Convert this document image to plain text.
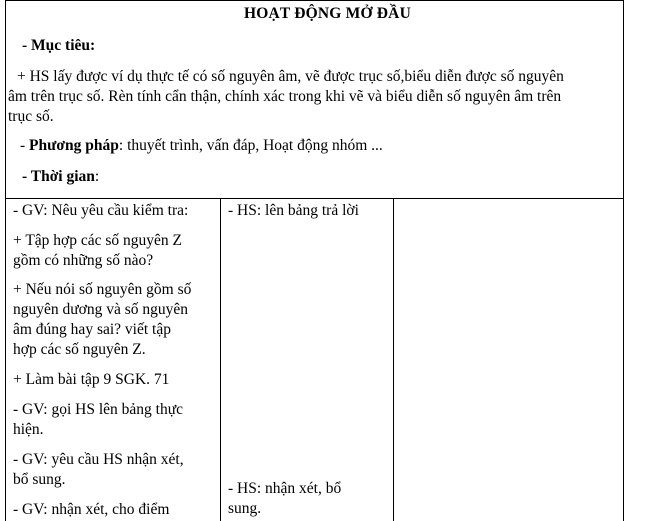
HOẠT ĐỘNG MỞ ĐẦU
- Mục tiêu:
+ HS lấy được ví dụ thực tế có số nguyên âm, vẽ được trục số,biểu diễn được số nguyên
âm trên trục số. Rèn tính cẩn thận, chính xác trong khi vẽ và biểu diễn số nguyên âm trên
trục số.
- Phương pháp: thuyết trình, vấn đáp, Hoạt động nhóm ...
- Thời gian:
- GV: Nêu yêu cầu kiểm tra:
+ Tập hợp các số nguyên Z
gồm có những số nào?
+ Nếu nói số nguyên gồm số
nguyên dương và số nguyên
âm đúng hay sai? viết tập
hợp các số nguyên Z.
+ Làm bài tập 9 SGK. 71
- GV: gọi HS lên bảng thực
hiện.
- GV: yêu cầu HS nhận xét,
bổ sung.
- GV: nhận xét, cho điểm
- HS: lên bảng trả lời
- HS: nhận xét, bổ
sung.
